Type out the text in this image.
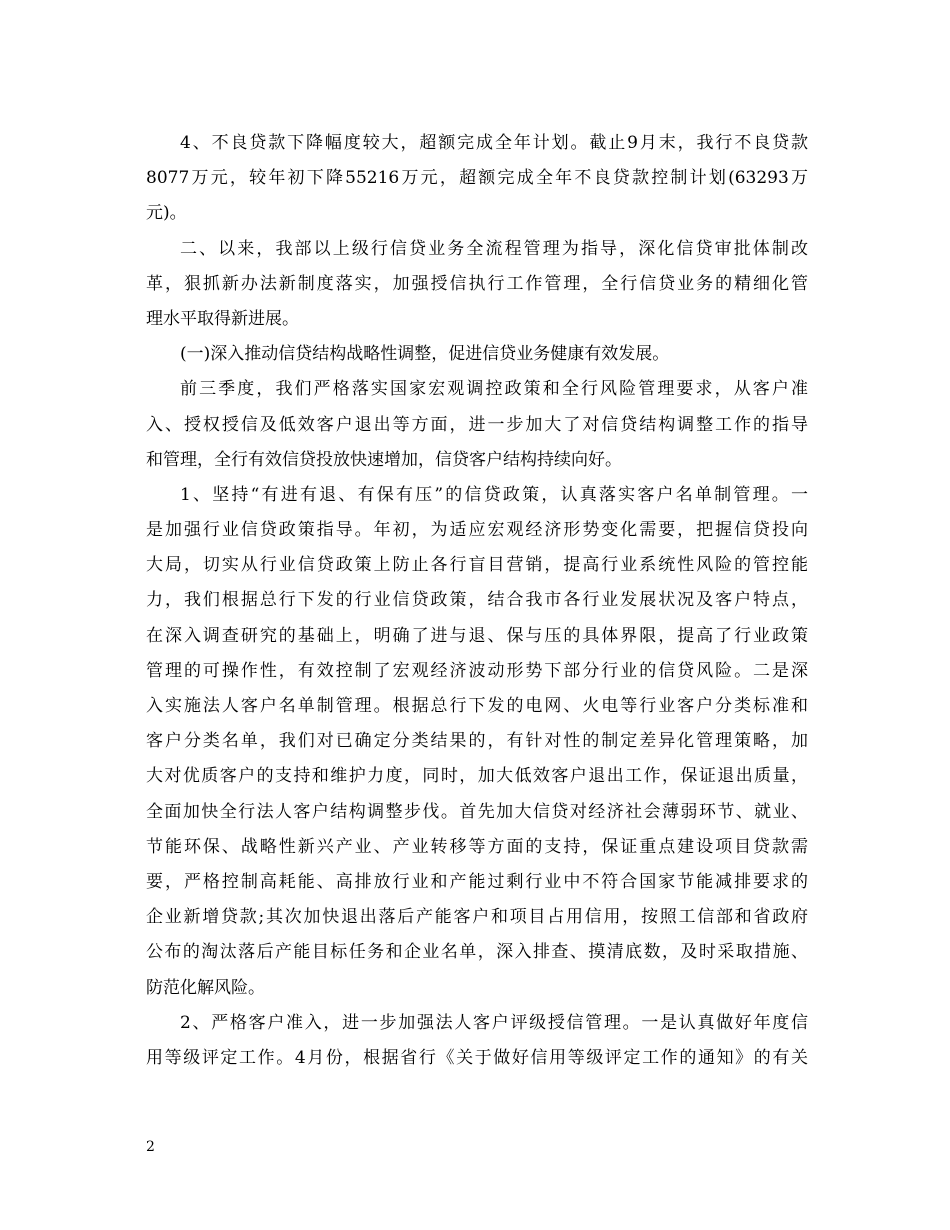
4、不良贷款下降幅度较大，超额完成全年计划。截止9月末，我行不良贷款
8077万元，较年初下降55216万元，超额完成全年不良贷款控制计划(63293万
元)。
二、以来，我部以上级行信贷业务全流程管理为指导，深化信贷审批体制改
革，狠抓新办法新制度落实，加强授信执行工作管理，全行信贷业务的精细化管
理水平取得新进展。
(一)深入推动信贷结构战略性调整，促进信贷业务健康有效发展。
前三季度，我们严格落实国家宏观调控政策和全行风险管理要求，从客户准
入、授权授信及低效客户退出等方面，进一步加大了对信贷结构调整工作的指导
和管理，全行有效信贷投放快速增加，信贷客户结构持续向好。
1、坚持“有进有退、有保有压”的信贷政策，认真落实客户名单制管理。一
是加强行业信贷政策指导。年初，为适应宏观经济形势变化需要，把握信贷投向
大局，切实从行业信贷政策上防止各行盲目营销，提高行业系统性风险的管控能
力，我们根据总行下发的行业信贷政策，结合我市各行业发展状况及客户特点，
在深入调查研究的基础上，明确了进与退、保与压的具体界限，提高了行业政策
管理的可操作性，有效控制了宏观经济波动形势下部分行业的信贷风险。二是深
入实施法人客户名单制管理。根据总行下发的电网、火电等行业客户分类标准和
客户分类名单，我们对已确定分类结果的，有针对性的制定差异化管理策略，加
大对优质客户的支持和维护力度，同时，加大低效客户退出工作，保证退出质量，
全面加快全行法人客户结构调整步伐。首先加大信贷对经济社会薄弱环节、就业、
节能环保、战略性新兴产业、产业转移等方面的支持，保证重点建设项目贷款需
要，严格控制高耗能、高排放行业和产能过剩行业中不符合国家节能减排要求的
企业新增贷款;其次加快退出落后产能客户和项目占用信用，按照工信部和省政府
公布的淘汰落后产能目标任务和企业名单，深入排查、摸清底数，及时采取措施、
防范化解风险。
2、严格客户准入，进一步加强法人客户评级授信管理。一是认真做好年度信
用等级评定工作。4月份，根据省行《关于做好信用等级评定工作的通知》的有关
2
